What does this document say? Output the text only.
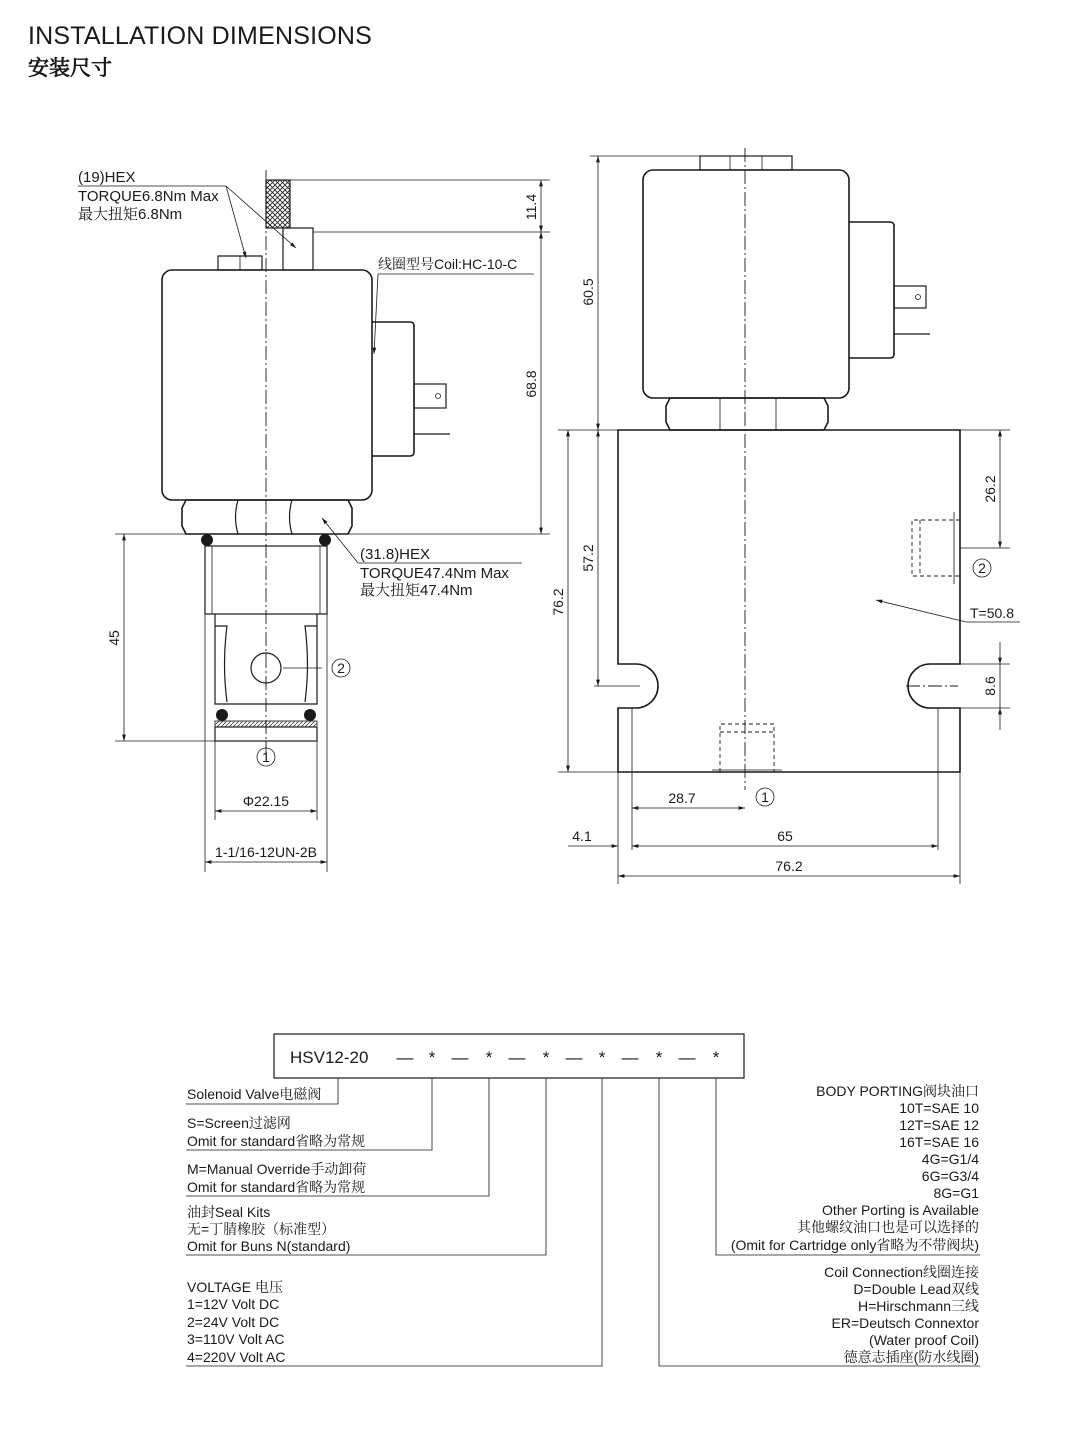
INSTALLATION DIMENSIONS
安装尺寸
11.4
68.8
(19)HEX
TORQUE6.8Nm Max
最大扭矩6.8Nm
线圈型号Coil:HC-10-C
(31.8)HEX
TORQUE47.4Nm Max
最大扭矩47.4Nm
2
1
45
Φ22.15
1-1/16-12UN-2B
60.5
76.2
57.2
26.2
2
T=50.8
8.6
28.7	1
4.1	65
76.2
HSV12-20 — * — * — * — * — * — *
Solenoid Valve电磁阀
S=Screen过滤网
Omit for standard省略为常规
M=Manual Override手动卸荷
Omit for standard省略为常规
油封Seal Kits
无=丁腈橡胶（标准型）
Omit for Buns N(standard)
VOLTAGE 电压
1=12V Volt DC
2=24V Volt DC
3=110V Volt AC
4=220V Volt AC
BODY PORTING阀块油口
10T=SAE 10
12T=SAE 12
16T=SAE 16
4G=G1/4
6G=G3/4
8G=G1
Other Porting is Available
其他螺纹油口也是可以选择的
(Omit for Cartridge only省略为不带阀块)
Coil Connection线圈连接
D=Double Lead双线
H=Hirschmann三线
ER=Deutsch Connextor
(Water proof Coil)
德意志插座(防水线圈)
